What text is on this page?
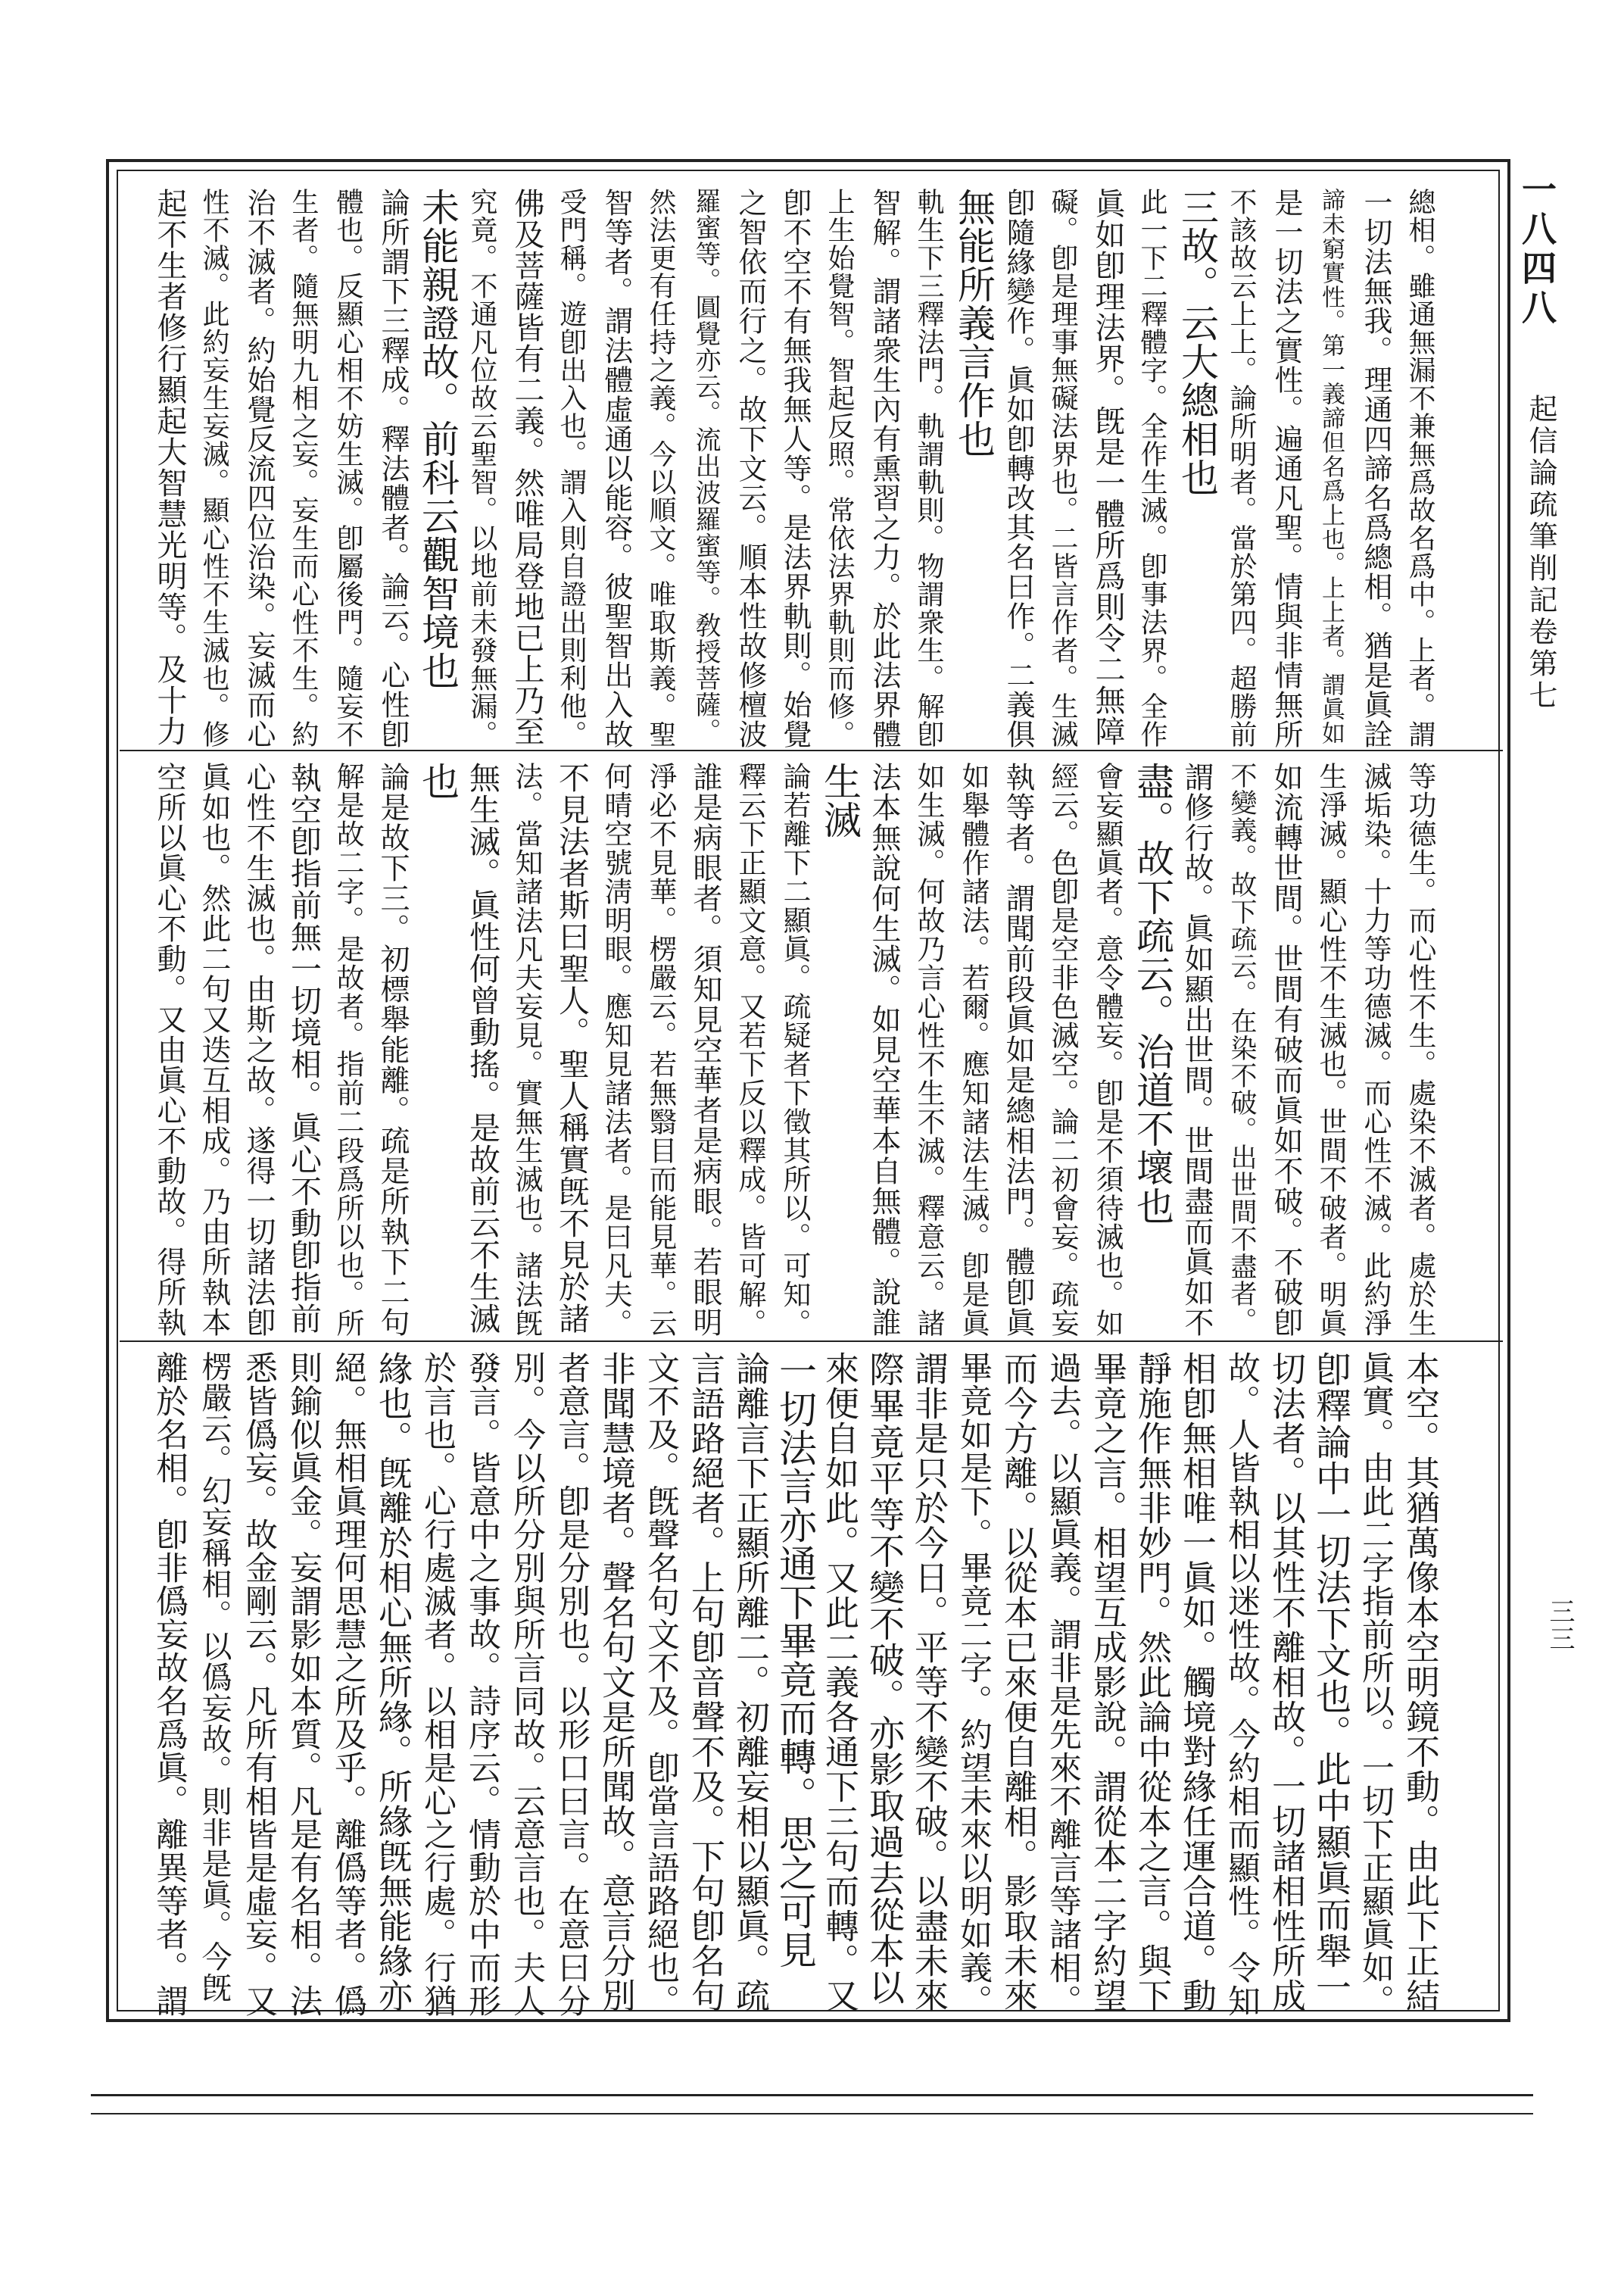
一八四八
起信論疏筆削記卷第七
三三
總相。雖通無漏不兼無爲故名爲中。上者。謂
一切法無我。理通四諦名爲總相。猶是眞詮
諦未窮實性。第一義諦但名爲上也。上上者。謂眞如
是一切法之實性。遍通凡聖。情與非情無所
不該故云上上。論所明者。當於第四。超勝前
三故。云大總相也
此一下二釋體字。全作生滅。卽事法界。全作
眞如卽理法界。旣是一體所爲則令二無障
礙。卽是理事無礙法界也。二皆言作者。生滅
卽隨緣變作。眞如卽轉改其名曰作。二義俱
無能所義言作也
軌生下三釋法門。軌謂軌則。物謂衆生。解卽
智解。謂諸衆生內有熏習之力。於此法界體
上生始覺智。智起反照。常依法界軌則而修。
卽不空不有無我無人等。是法界軌則。始覺
之智依而行之。故下文云。順本性故修檀波
羅蜜等。圓覺亦云。流出波羅蜜等。敎授菩薩。
然法更有任持之義。今以順文。唯取斯義。聖
智等者。謂法體虛通以能容。彼聖智出入故
受門稱。遊卽出入也。謂入則自證出則利他。
佛及菩薩皆有二義。然唯局登地已上乃至
究竟。不通凡位故云聖智。以地前未發無漏。
未能親證故。前科云觀智境也
論所謂下三釋成。釋法體者。論云。心性卽
體也。反顯心相不妨生滅。卽屬後門。隨妄不
生者。隨無明九相之妄。妄生而心性不生。約
治不滅者。約始覺反流四位治染。妄滅而心
性不滅。此約妄生妄滅。顯心性不生滅也。修
起不生者修行顯起大智慧光明等。及十力
等功德生。而心性不生。處染不滅者。處於生
滅垢染。十力等功德滅。而心性不滅。此約淨
生淨滅。顯心性不生滅也。世間不破者。明眞
如流轉世間。世間有破而眞如不破。不破卽
不變義。故下疏云。在染不破。出世間不盡者。
謂修行故。眞如顯出世間。世間盡而眞如不
盡。故下疏云。治道不壞也
會妄顯眞者。意令體妄。卽是不須待滅也。如
經云。色卽是空非色滅空。論二初會妄。疏妄
執等者。謂聞前段眞如是總相法門。體卽眞
如舉體作諸法。若爾。應知諸法生滅。卽是眞
如生滅。何故乃言心性不生不滅。釋意云。諸
法本無說何生滅。如見空華本自無體。說誰
生滅
論若離下二顯眞。疏疑者下徵其所以。可知。
釋云下正顯文意。又若下反以釋成。皆可解。
誰是病眼者。須知見空華者是病眼。若眼明
淨必不見華。楞嚴云。若無翳目而能見華。云
何晴空號淸明眼。應知見諸法者。是曰凡夫。
不見法者斯曰聖人。聖人稱實旣不見於諸
法。當知諸法凡夫妄見。實無生滅也。諸法旣
無生滅。眞性何曾動搖。是故前云不生滅
也
論是故下三。初標舉能離。疏是所執下二句
解是故二字。是故者。指前二段爲所以也。所
執空卽指前無一切境相。眞心不動卽指前
心性不生滅也。由斯之故。遂得一切諸法卽
眞如也。然此二句又迭互相成。乃由所執本
空所以眞心不動。又由眞心不動故。得所執
本空。其猶萬像本空明鏡不動。由此下正結
眞實。由此二字指前所以。一切下正顯眞如。
卽釋論中一切法下文也。此中顯眞而舉一
切法者。以其性不離相故。一切諸相性所成
故。人皆執相以迷性故。今約相而顯性。令知
相卽無相唯一眞如。觸境對緣任運合道。動
靜施作無非妙門。然此論中從本之言。與下
畢竟之言。相望互成影說。謂從本二字約望
過去。以顯眞義。謂非是先來不離言等諸相。
而今方離。以從本已來便自離相。影取未來
畢竟如是下。畢竟二字。約望未來以明如義。
謂非是只於今日。平等不變不破。以盡未來
際畢竟平等不變不破。亦影取過去從本以
來便自如此。又此二義各通下三句而轉。又
一切法言亦通下畢竟而轉。思之可見
論離言下正顯所離二。初離妄相以顯眞。疏
言語路絕者。上句卽音聲不及。下句卽名句
文不及。旣聲名句文不及。卽當言語路絕也。
非聞慧境者。聲名句文是所聞故。意言分別
者意言。卽是分別也。以形口曰言。在意曰分
別。今以所分別與所言同故。云意言也。夫人
發言。皆意中之事故。詩序云。情動於中而形
於言也。心行處滅者。以相是心之行處。行猶
緣也。旣離於相心無所緣。所緣旣無能緣亦
絕。無相眞理何思慧之所及乎。離僞等者。僞
則鍮似眞金。妄謂影如本質。凡是有名相。法
悉皆僞妄。故金剛云。凡所有相皆是虛妄。又
楞嚴云。幻妄稱相。以僞妄故。則非是眞。今旣
離於名相。卽非僞妄故名爲眞。離異等者。謂
